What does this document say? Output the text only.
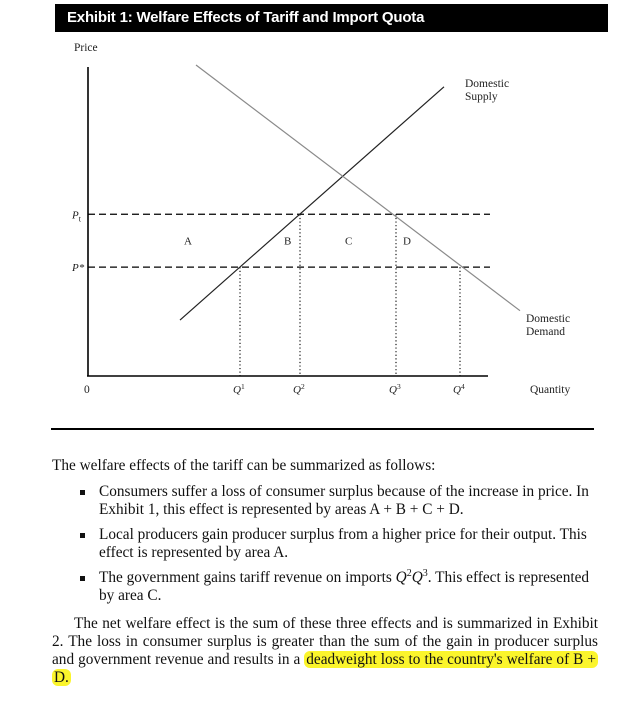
Exhibit 1: Welfare Effects of Tariff and Import Quota
Price
0	Quantity
$P_t$
P*
$Q^1$	$Q^2$	$Q^3$	$Q^4$
Domestic
Supply
Domestic
Demand
A	B	C	D
The welfare effects of the tariff can be summarized as follows:
Consumers suffer a loss of consumer surplus because of the increase in price. In Exhibit 1, this effect is represented by areas A + B + C + D.
Local producers gain producer surplus from a higher price for their output. This effect is represented by area A.
The government gains tariff revenue on imports $Q^2Q^3$. This effect is represented by area C.
The net welfare effect is the sum of these three effects and is summarized in Exhibit 2. The loss in consumer surplus is greater than the sum of the gain in producer surplus and government revenue and results in a deadweight loss to the country's welfare of B + D.
